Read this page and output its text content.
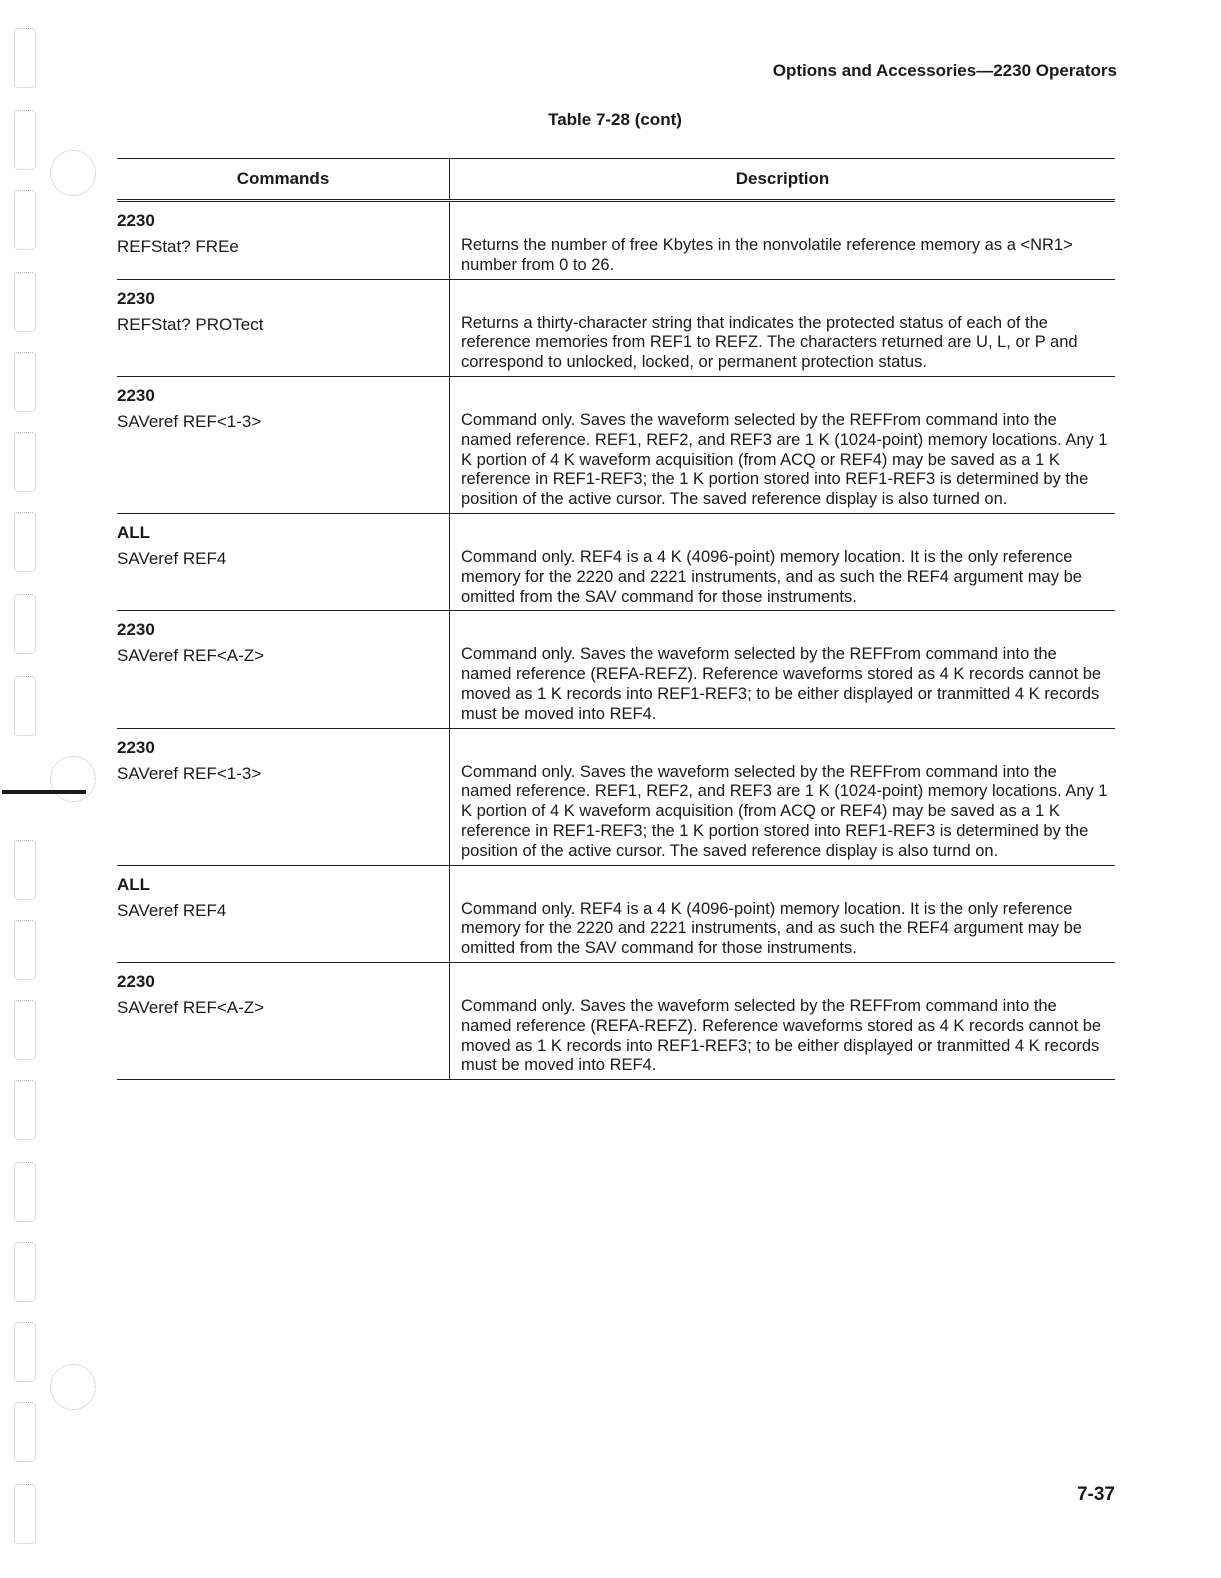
Options and Accessories—2230 Operators
Table 7-28 (cont)
Commands	Description
2230
REFStat? FREe	Returns the number of free Kbytes in the nonvolatile reference memory as a <NR1> number from 0 to 26.
2230
REFStat? PROTect	Returns a thirty-character string that indicates the protected status of each of the reference memories from REF1 to REFZ. The characters returned are U, L, or P and correspond to unlocked, locked, or permanent protection status.
2230
SAVeref REF<1-3>	Command only. Saves the waveform selected by the REFFrom command into the named reference. REF1, REF2, and REF3 are 1 K (1024-point) memory locations. Any 1 K portion of 4 K waveform acquisition (from ACQ or REF4) may be saved as a 1 K reference in REF1-REF3; the 1 K portion stored into REF1-REF3 is determined by the position of the active cursor. The saved reference display is also turned on.
ALL
SAVeref REF4	Command only. REF4 is a 4 K (4096-point) memory location. It is the only reference memory for the 2220 and 2221 instruments, and as such the REF4 argument may be omitted from the SAV command for those instruments.
2230
SAVeref REF<A-Z>	Command only. Saves the waveform selected by the REFFrom command into the named reference (REFA-REFZ). Reference waveforms stored as 4 K records cannot be moved as 1 K records into REF1-REF3; to be either displayed or tranmitted 4 K records must be moved into REF4.
2230
SAVeref REF<1-3>	Command only. Saves the waveform selected by the REFFrom command into the named reference. REF1, REF2, and REF3 are 1 K (1024-point) memory locations. Any 1 K portion of 4 K waveform acquisition (from ACQ or REF4) may be saved as a 1 K reference in REF1-REF3; the 1 K portion stored into REF1-REF3 is determined by the position of the active cursor. The saved reference display is also turnd on.
ALL
SAVeref REF4	Command only. REF4 is a 4 K (4096-point) memory location. It is the only reference memory for the 2220 and 2221 instruments, and as such the REF4 argument may be omitted from the SAV command for those instruments.
2230
SAVeref REF<A-Z>	Command only. Saves the waveform selected by the REFFrom command into the named reference (REFA-REFZ). Reference waveforms stored as 4 K records cannot be moved as 1 K records into REF1-REF3; to be either displayed or tranmitted 4 K records must be moved into REF4.
7-37
